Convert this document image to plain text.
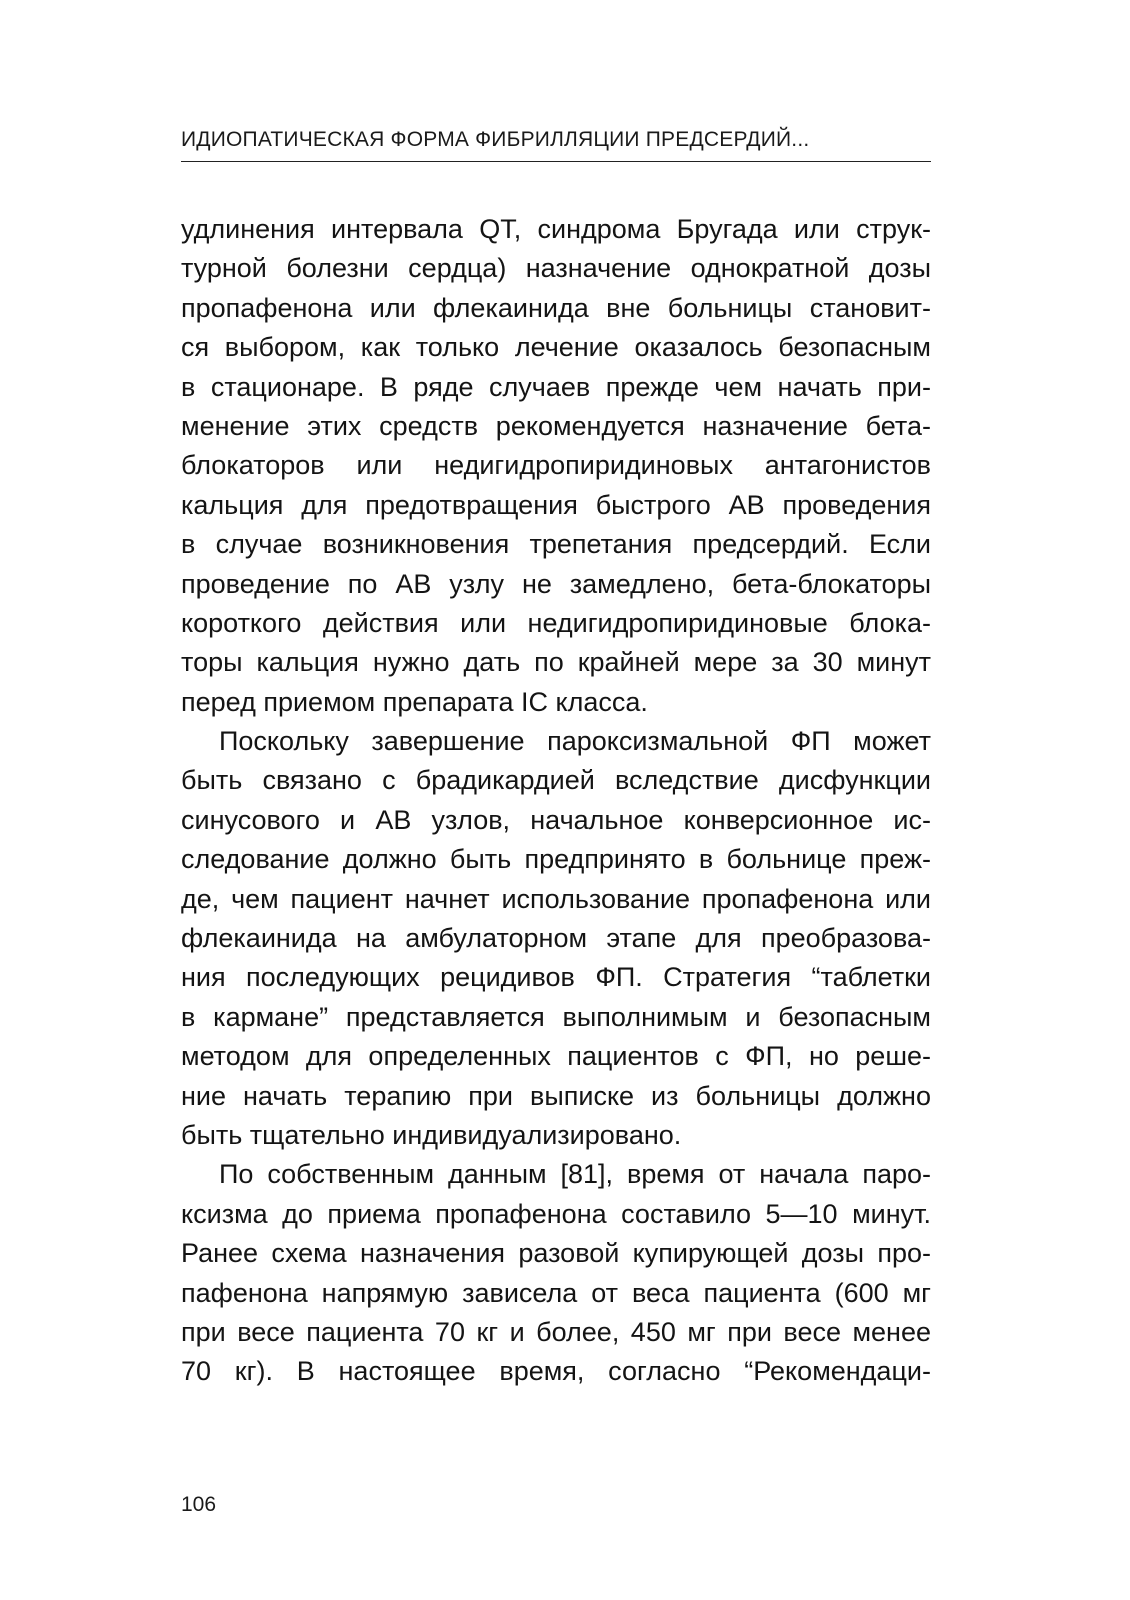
ИДИОПАТИЧЕСКАЯ ФОРМА ФИБРИЛЛЯЦИИ ПРЕДСЕРДИЙ...
удлинения интервала QT, синдрома Бругада или струк-
турной болезни сердца) назначение однократной дозы
пропафенона или флекаинида вне больницы становит-
ся выбором, как только лечение оказалось безопасным
в стационаре. В ряде случаев прежде чем начать при-
менение этих средств рекомендуется назначение бета-
блокаторов или недигидропиридиновых антагонистов
кальция для предотвращения быстрого АВ проведения
в случае возникновения трепетания предсердий. Если
проведение по АВ узлу не замедлено, бета-блокаторы
короткого действия или недигидропиридиновые блока-
торы кальция нужно дать по крайней мере за 30 минут
перед приемом препарата IC класса.
Поскольку завершение пароксизмальной ФП может
быть связано с брадикардией вследствие дисфункции
синусового и АВ узлов, начальное конверсионное ис-
следование должно быть предпринято в больнице преж-
де, чем пациент начнет использование пропафенона или
флекаинида на амбулаторном этапе для преобразова-
ния последующих рецидивов ФП. Стратегия “таблетки
в кармане” представляется выполнимым и безопасным
методом для определенных пациентов с ФП, но реше-
ние начать терапию при выписке из больницы должно
быть тщательно индивидуализировано.
По собственным данным [81], время от начала паро-
ксизма до приема пропафенона составило 5—10 минут.
Ранее схема назначения разовой купирующей дозы про-
пафенона напрямую зависела от веса пациента (600 мг
при весе пациента 70 кг и более, 450 мг при весе менее
70 кг). В настоящее время, согласно “Рекомендаци-
106
